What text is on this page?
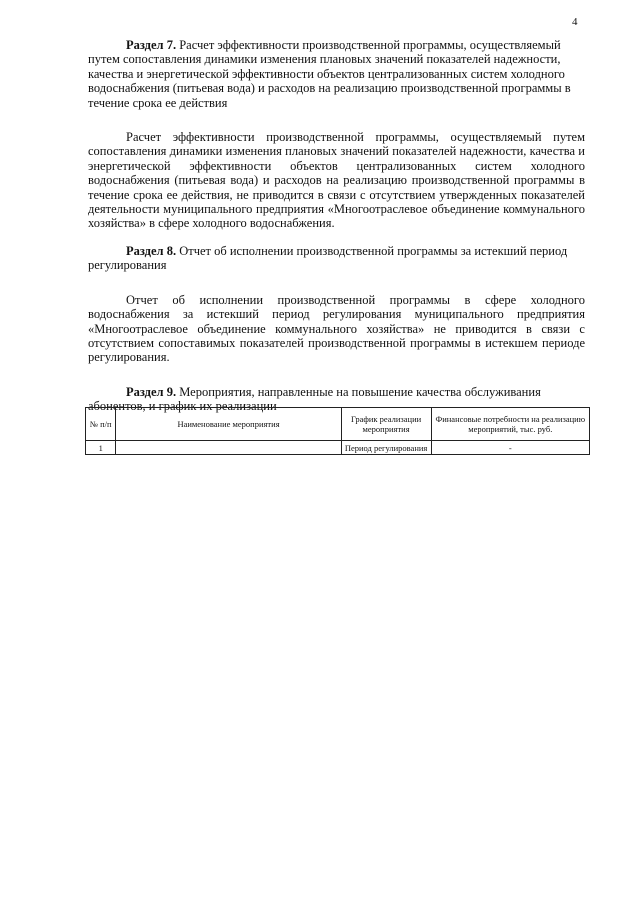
4

Раздел 7. Расчет эффективности производственной программы, осуществляемый путем сопоставления динамики изменения плановых значений показателей надежности, качества и энергетической эффективности объектов централизованных систем холодного водоснабжения (питьевая вода) и расходов на реализацию производственной программы в течение срока ее действия

Расчет эффективности производственной программы, осуществляемый путем сопоставления динамики изменения плановых значений показателей надежности, качества и энергетической эффективности объектов централизованных систем холодного водоснабжения (питьевая вода) и расходов на реализацию производственной программы в течение срока ее действия, не приводится в связи с отсутствием утвержденных показателей деятельности муниципального предприятия «Многоотраслевое объединение коммунального хозяйства» в сфере холодного водоснабжения.

Раздел 8. Отчет об исполнении производственной программы за истекший период регулирования

Отчет об исполнении производственной программы в сфере холодного водоснабжения за истекший период регулирования муниципального предприятия «Многоотраслевое объединение коммунального хозяйства» не приводится в связи с отсутствием сопоставимых показателей производственной программы в истекшем периоде регулирования.

Раздел 9. Мероприятия, направленные на повышение качества обслуживания абонентов, и график их реализации

№ п/п	Наименование мероприятия	График реализации мероприятия	Финансовые потребности на реализацию мероприятий, тыс. руб.
1		Период регулирования	-
